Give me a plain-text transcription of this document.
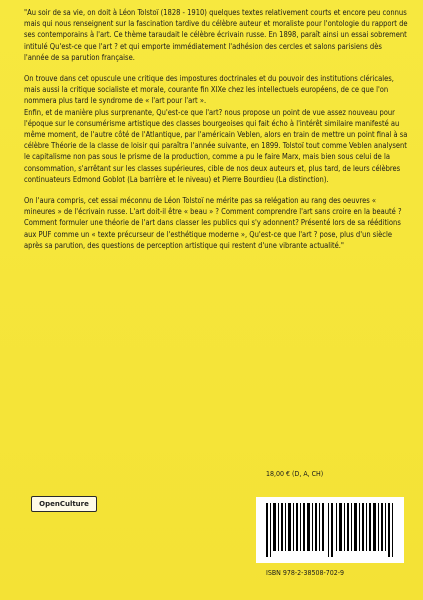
"Au soir de sa vie, on doit à Léon Tolstoï (1828 - 1910) quelques textes relativement courts et encore peu connus mais qui nous renseignent sur la fascination tardive du célèbre auteur et moraliste pour l'ontologie du rapport de ses contemporains à l'art. Ce thème taraudait le célèbre écrivain russe. En 1898, paraît ainsi un essai sobrement intitulé Qu'est-ce que l'art ? et qui emporte immédiatement l'adhésion des cercles et salons parisiens dès l'année de sa parution française.

On trouve dans cet opuscule une critique des impostures doctrinales et du pouvoir des institutions cléricales, mais aussi la critique socialiste et morale, courante fin XIXe chez les intellectuels européens, de ce que l'on nommera plus tard le syndrome de « l'art pour l'art ».

Enfin, et de manière plus surprenante, Qu'est-ce que l'art? nous propose un point de vue assez nouveau pour l'époque sur le consumérisme artistique des classes bourgeoises qui fait écho à l'intérêt similaire manifesté au même moment, de l'autre côté de l'Atlantique, par l'américain Veblen, alors en train de mettre un point final à sa célèbre Théorie de la classe de loisir qui paraîtra l'année suivante, en 1899. Tolstoï tout comme Veblen analysent le capitalisme non pas sous le prisme de la production, comme a pu le faire Marx, mais bien sous celui de la consommation, s'arrêtant sur les classes supérieures, cible de nos deux auteurs et, plus tard, de leurs célèbres continuateurs Edmond Goblot (La barrière et le niveau) et Pierre Bourdieu (La distinction).

On l'aura compris, cet essai méconnu de Léon Tolstoï ne mérite pas sa relégation au rang des oeuvres « mineures » de l'écrivain russe. L'art doit-il être « beau » ? Comment comprendre l'art sans croire en la beauté ? Comment formuler une théorie de l'art dans classer les publics qui s'y adonnent? Présenté lors de sa rééditions aux PUF comme un « texte précurseur de l'esthétique moderne », Qu'est-ce que l'art ? pose, plus d'un siècle après sa parution, des questions de perception artistique qui restent d'une vibrante actualité."

18,00 € (D, A, CH)
OpenCulture
ISBN 978-2-38508-702-9
